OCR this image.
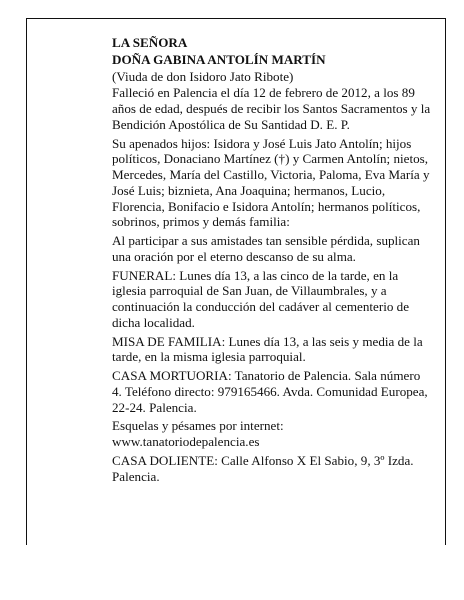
LA SEÑORA

DOÑA GABINA ANTOLÍN MARTÍN

(Viuda de don Isidoro Jato Ribote)

Falleció en Palencia el día 12 de febrero de 2012, a los 89 años de edad, después de recibir los Santos Sacramentos y la Bendición Apostólica de Su Santidad D. E. P.

Su apenados hijos: Isidora y José Luis Jato Antolín; hijos políticos, Donaciano Martínez (†) y Carmen Antolín; nietos, Mercedes, María del Castillo, Victoria, Paloma, Eva María y José Luis; biznieta, Ana Joaquina; hermanos, Lucio, Florencia, Bonifacio e Isidora Antolín; hermanos políticos, sobrinos, primos y demás familia:

Al participar a sus amistades tan sensible pérdida, suplican una oración por el eterno descanso de su alma.

FUNERAL: Lunes día 13, a las cinco de la tarde, en la iglesia parroquial de San Juan, de Villaumbrales, y a continuación la conducción del cadáver al cementerio de dicha localidad.

MISA DE FAMILIA: Lunes día 13, a las seis y media de la tarde, en la misma iglesia parroquial.

CASA MORTUORIA: Tanatorio de Palencia. Sala número 4. Teléfono directo: 979165466. Avda. Comunidad Europea, 22-24. Palencia.

Esquelas y pésames por internet: www.tanatoriodepalencia.es

CASA DOLIENTE: Calle Alfonso X El Sabio, 9, 3º Izda. Palencia.
